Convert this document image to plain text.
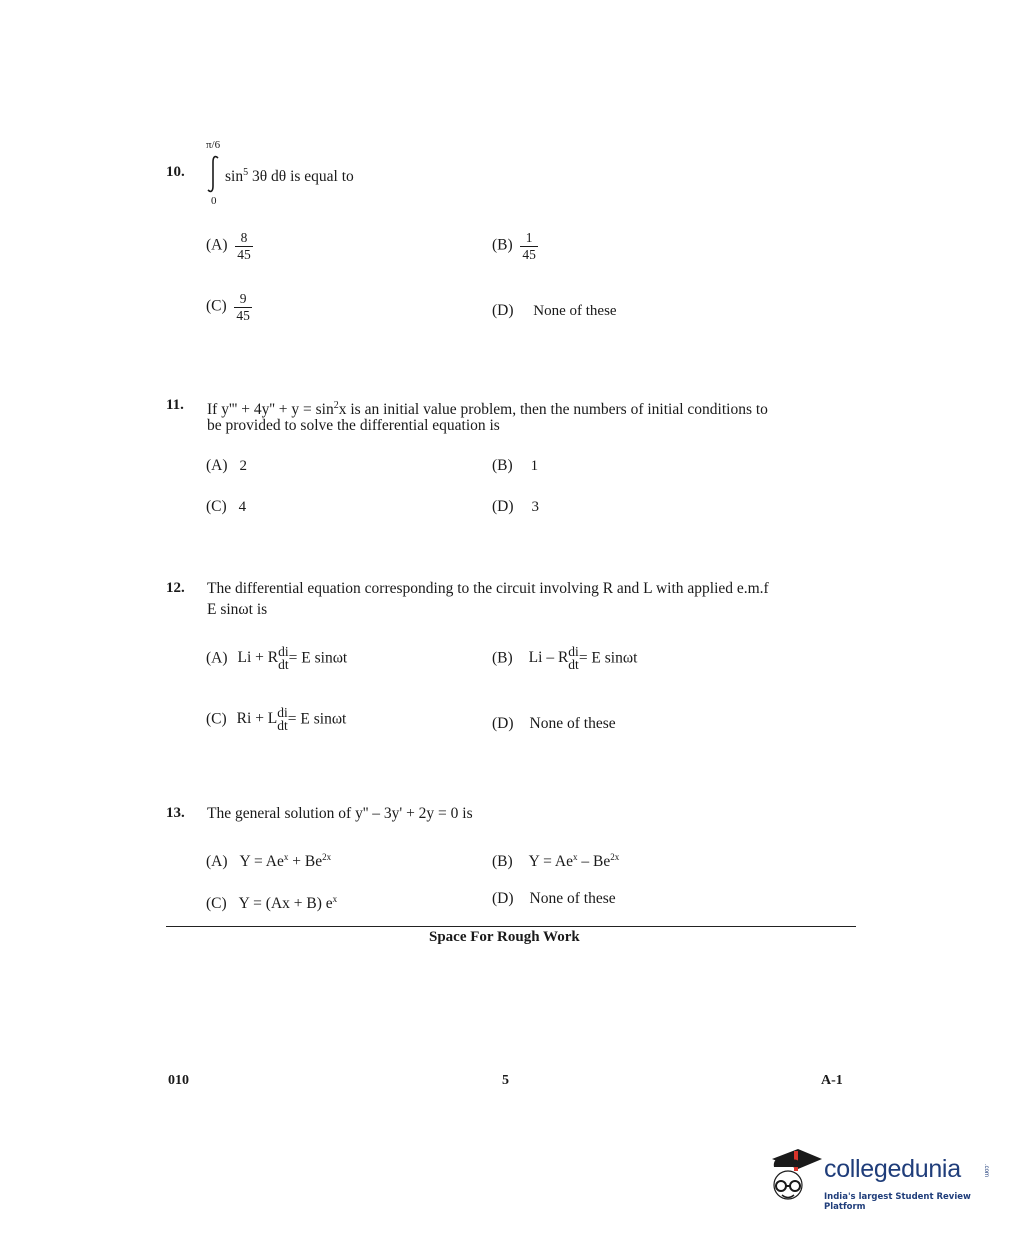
10.
π/6
0
$\sin^5 3\theta$ dθ is equal to
$(A) \frac{8}{45}$	$(B) \frac{1}{45}$
$(C) \frac{9}{45}$	(D) None of these
11. If $y''' + 4y'' + y = \sin^2x$ is an initial value problem, then the numbers of initial conditions to
be provided to solve the differential equation is
(A) 2	(B) 1
(C) 4	(D) 3
12. The differential equation corresponding to the circuit involving R and L with applied e.m.f
E sinωt is
(A) Li + R di
dt = E sinωt	(B) Li – R di
dt = E sinωt
(C) Ri + L di
dt = E sinωt	(D) None of these
13. The general solution of y'' – 3y' + 2y = 0 is
(A) $Y = Ae^x + Be^{2x}$	(B) $Y = Ae^x - Be^{2x}$
(C) Y = (Ax + B) $e^x$	(D) None of these
Space For Rough Work
010	5	A-1
collegedunia	.com
India's largest Student Review Platform
